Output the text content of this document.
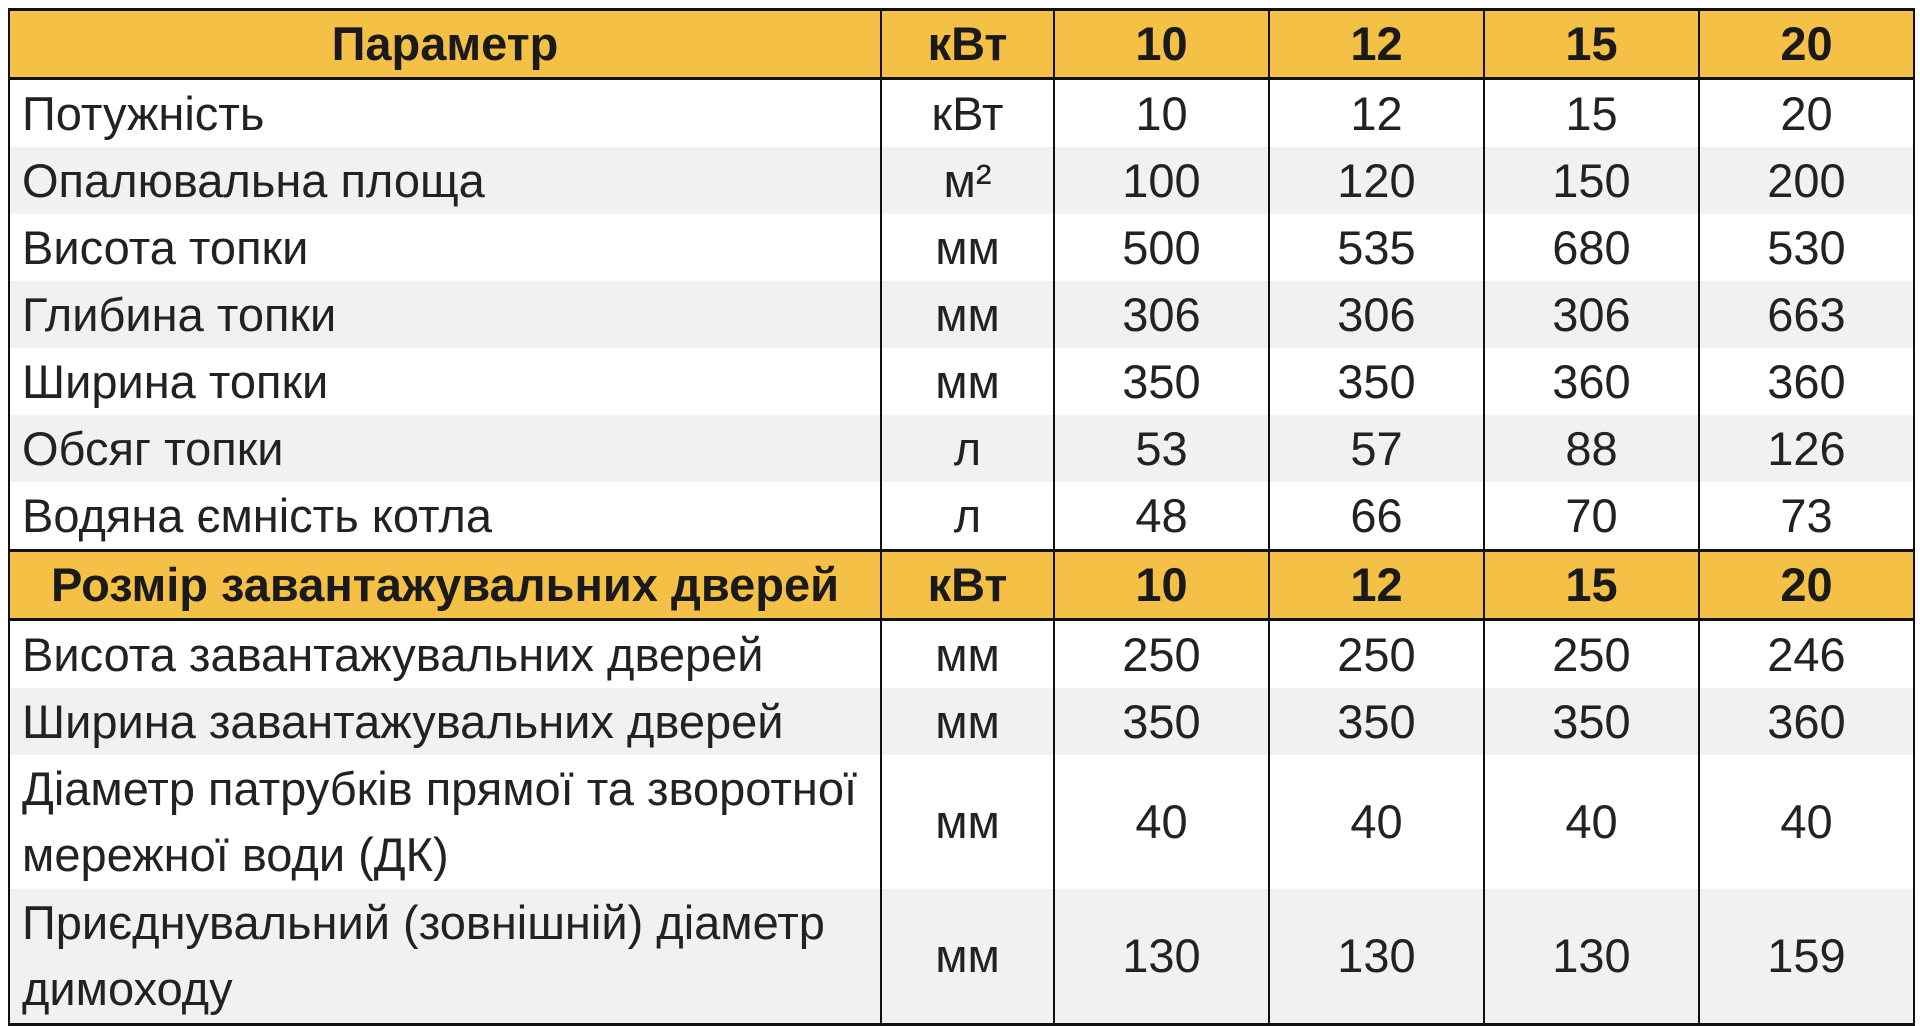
Параметр	кВт	10	12	15	20
Потужність	кВт	10	12	15	20
Опалювальна площа	м²	100	120	150	200
Висота топки	мм	500	535	680	530
Глибина топки	мм	306	306	306	663
Ширина топки	мм	350	350	360	360
Обсяг топки	л	53	57	88	126
Водяна ємність котла	л	48	66	70	73
Розмір завантажувальних дверей	кВт	10	12	15	20
Висота завантажувальних дверей	мм	250	250	250	246
Ширина завантажувальних дверей	мм	350	350	350	360
Діаметр патрубків прямої та зворотної мережної води (ДК)	мм	40	40	40	40
Приєднувальний (зовнішній) діаметр димоходу	мм	130	130	130	159
